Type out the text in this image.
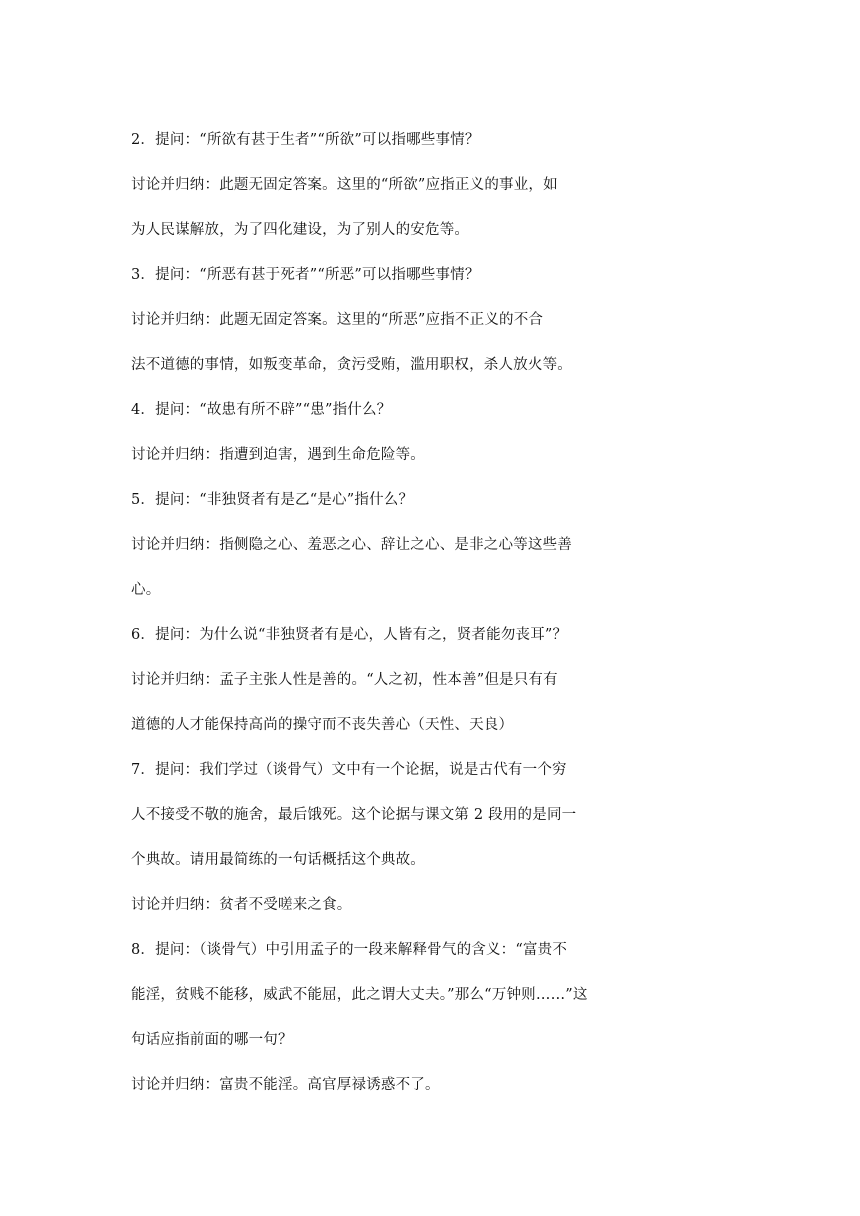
2．提问：“所欲有甚于生者”“所欲”可以指哪些事情？
讨论并归纳：此题无固定答案。这里的“所欲”应指正义的事业，如
为人民谋解放，为了四化建设，为了别人的安危等。
3．提问：“所恶有甚于死者”“所恶”可以指哪些事情？
讨论并归纳：此题无固定答案。这里的“所恶”应指不正义的不合
法不道德的事情，如叛变革命，贪污受贿，滥用职权，杀人放火等。
4．提问：“故患有所不辟”“患”指什么？
讨论并归纳：指遭到迫害，遇到生命危险等。
5．提问：“非独贤者有是乙“是心”指什么？
讨论并归纳：指侧隐之心、羞恶之心、辞让之心、是非之心等这些善
心。
6．提问：为什么说“非独贤者有是心，人皆有之，贤者能勿丧耳”？
讨论并归纳：孟子主张人性是善的。“人之初，性本善”但是只有有
道德的人才能保持高尚的操守而不丧失善心（天性、天良）
7．提问：我们学过（谈骨气）文中有一个论据，说是古代有一个穷
人不接受不敬的施舍，最后饿死。这个论据与课文第 2 段用的是同一
个典故。请用最简练的一句话概括这个典故。
讨论并归纳：贫者不受嗟来之食。
8．提问：（谈骨气）中引用孟子的一段来解释骨气的含义：“富贵不
能淫，贫贱不能移，威武不能屈，此之谓大丈夫。”那么“万钟则……”这
句话应指前面的哪一句？
讨论并归纳：富贵不能淫。高官厚禄诱惑不了。
